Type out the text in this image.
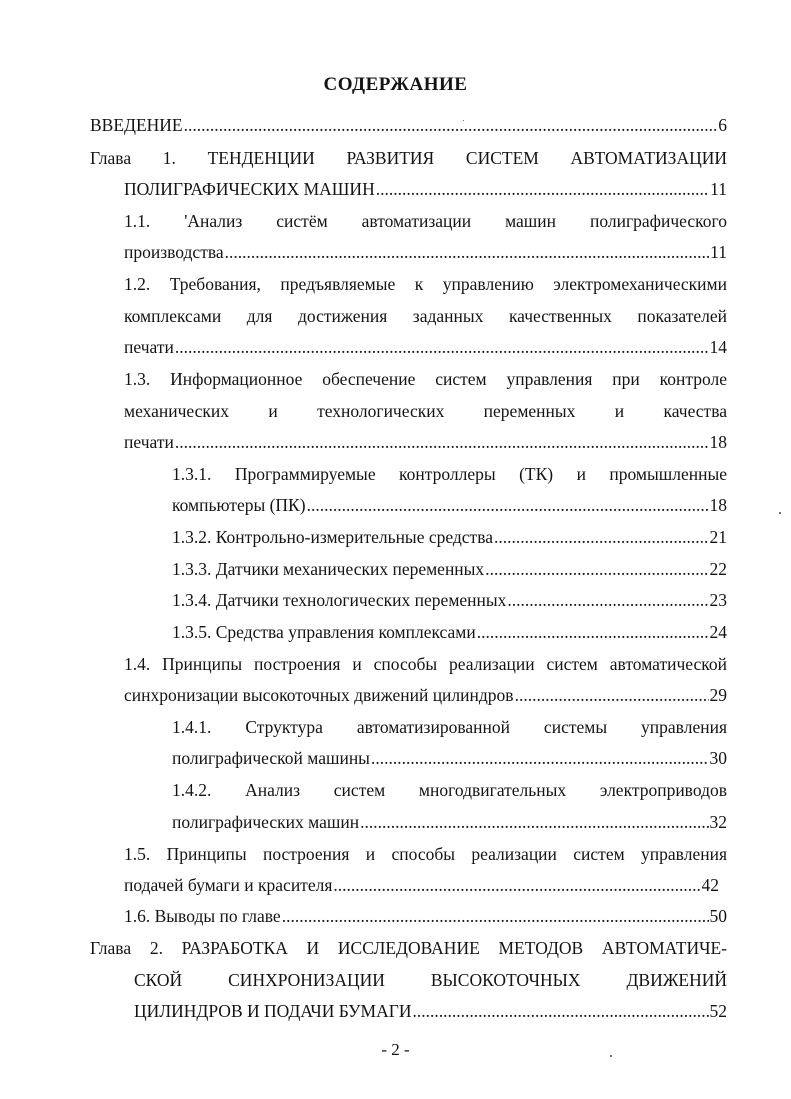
СОДЕРЖАНИЕ
ВВЕДЕНИЕ .....	6
Глава 1. ТЕНДЕНЦИИ РАЗВИТИЯ СИСТЕМ АВТОМАТИЗАЦИИ
ПОЛИГРАФИЧЕСКИХ МАШИН .....	11
1.1. 'Анализ систём автоматизации машин полиграфического
производства .....	11
1.2. Требования, предъявляемые к управлению электромеханическими
комплексами для достижения заданных качественных показателей
печати .....	14
1.3. Информационное обеспечение систем управления при контроле
механических и технологических переменных и качества
печати .....	18
1.3.1. Программируемые контроллеры (ТК) и промышленные
компьютеры (ПК) .....	18
1.3.2. Контрольно-измерительные средства .....	21
1.3.3. Датчики механических переменных .....	22
1.3.4. Датчики технологических переменных .....	23
1.3.5. Средства управления комплексами .....	24
1.4. Принципы построения и способы реализации систем автоматической
синхронизации высокоточных движений цилиндров .....	29
1.4.1. Структура автоматизированной системы управления
полиграфической машины .....	30
1.4.2. Анализ систем многодвигательных электроприводов
полиграфических машин .....	32
1.5. Принципы построения и способы реализации систем управления
подачей бумаги и красителя .....	42
1.6. Выводы по главе .....	50
Глава 2. РАЗРАБОТКА И ИССЛЕДОВАНИЕ МЕТОДОВ АВТОМАТИЧЕ-
СКОЙ СИНХРОНИЗАЦИИ ВЫСОКОТОЧНЫХ ДВИЖЕНИЙ
ЦИЛИНДРОВ И ПОДАЧИ БУМАГИ .....	52
- 2 -
